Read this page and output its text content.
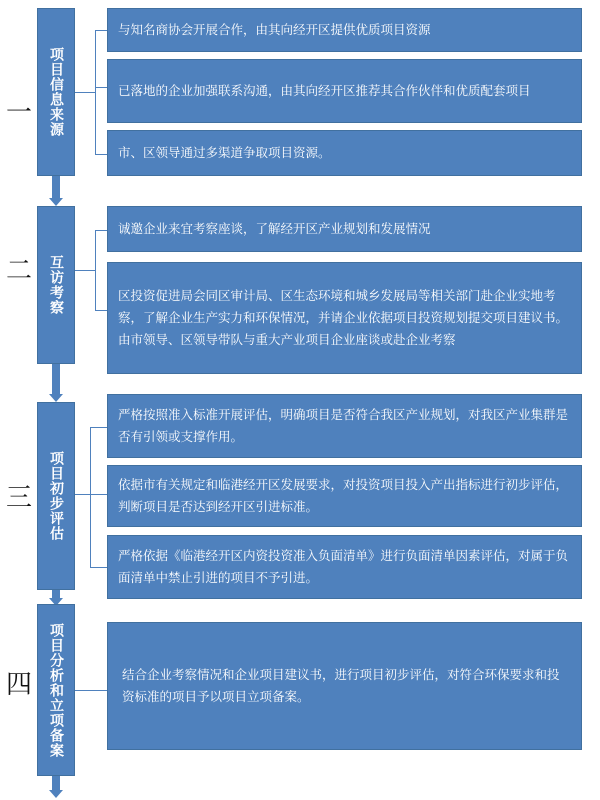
一
二
三
四
项目信息来源
互访考察
项目初步评估
项目分析和立项备案
与知名商协会开展合作，由其向经开区提供优质项目资源
已落地的企业加强联系沟通，由其向经开区推荐其合作伙伴和优质配套项目
市、区领导通过多渠道争取项目资源。
诚邀企业来宜考察座谈，了解经开区产业规划和发展情况
区投资促进局会同区审计局、区生态环境和城乡发展局等相关部门赴企业实地考察，了解企业生产实力和环保情况，并请企业依据项目投资规划提交项目建议书。由市领导、区领导带队与重大产业项目企业座谈或赴企业考察
严格按照准入标准开展评估，明确项目是否符合我区产业规划，对我区产业集群是否有引领或支撑作用。
依据市有关规定和临港经开区发展要求，对投资项目投入产出指标进行初步评估，判断项目是否达到经开区引进标准。
严格依据《临港经开区内资投资准入负面清单》进行负面清单因素评估，对属于负面清单中禁止引进的项目不予引进。
结合企业考察情况和企业项目建议书，进行项目初步评估，对符合环保要求和投资标准的项目予以项目立项备案。
